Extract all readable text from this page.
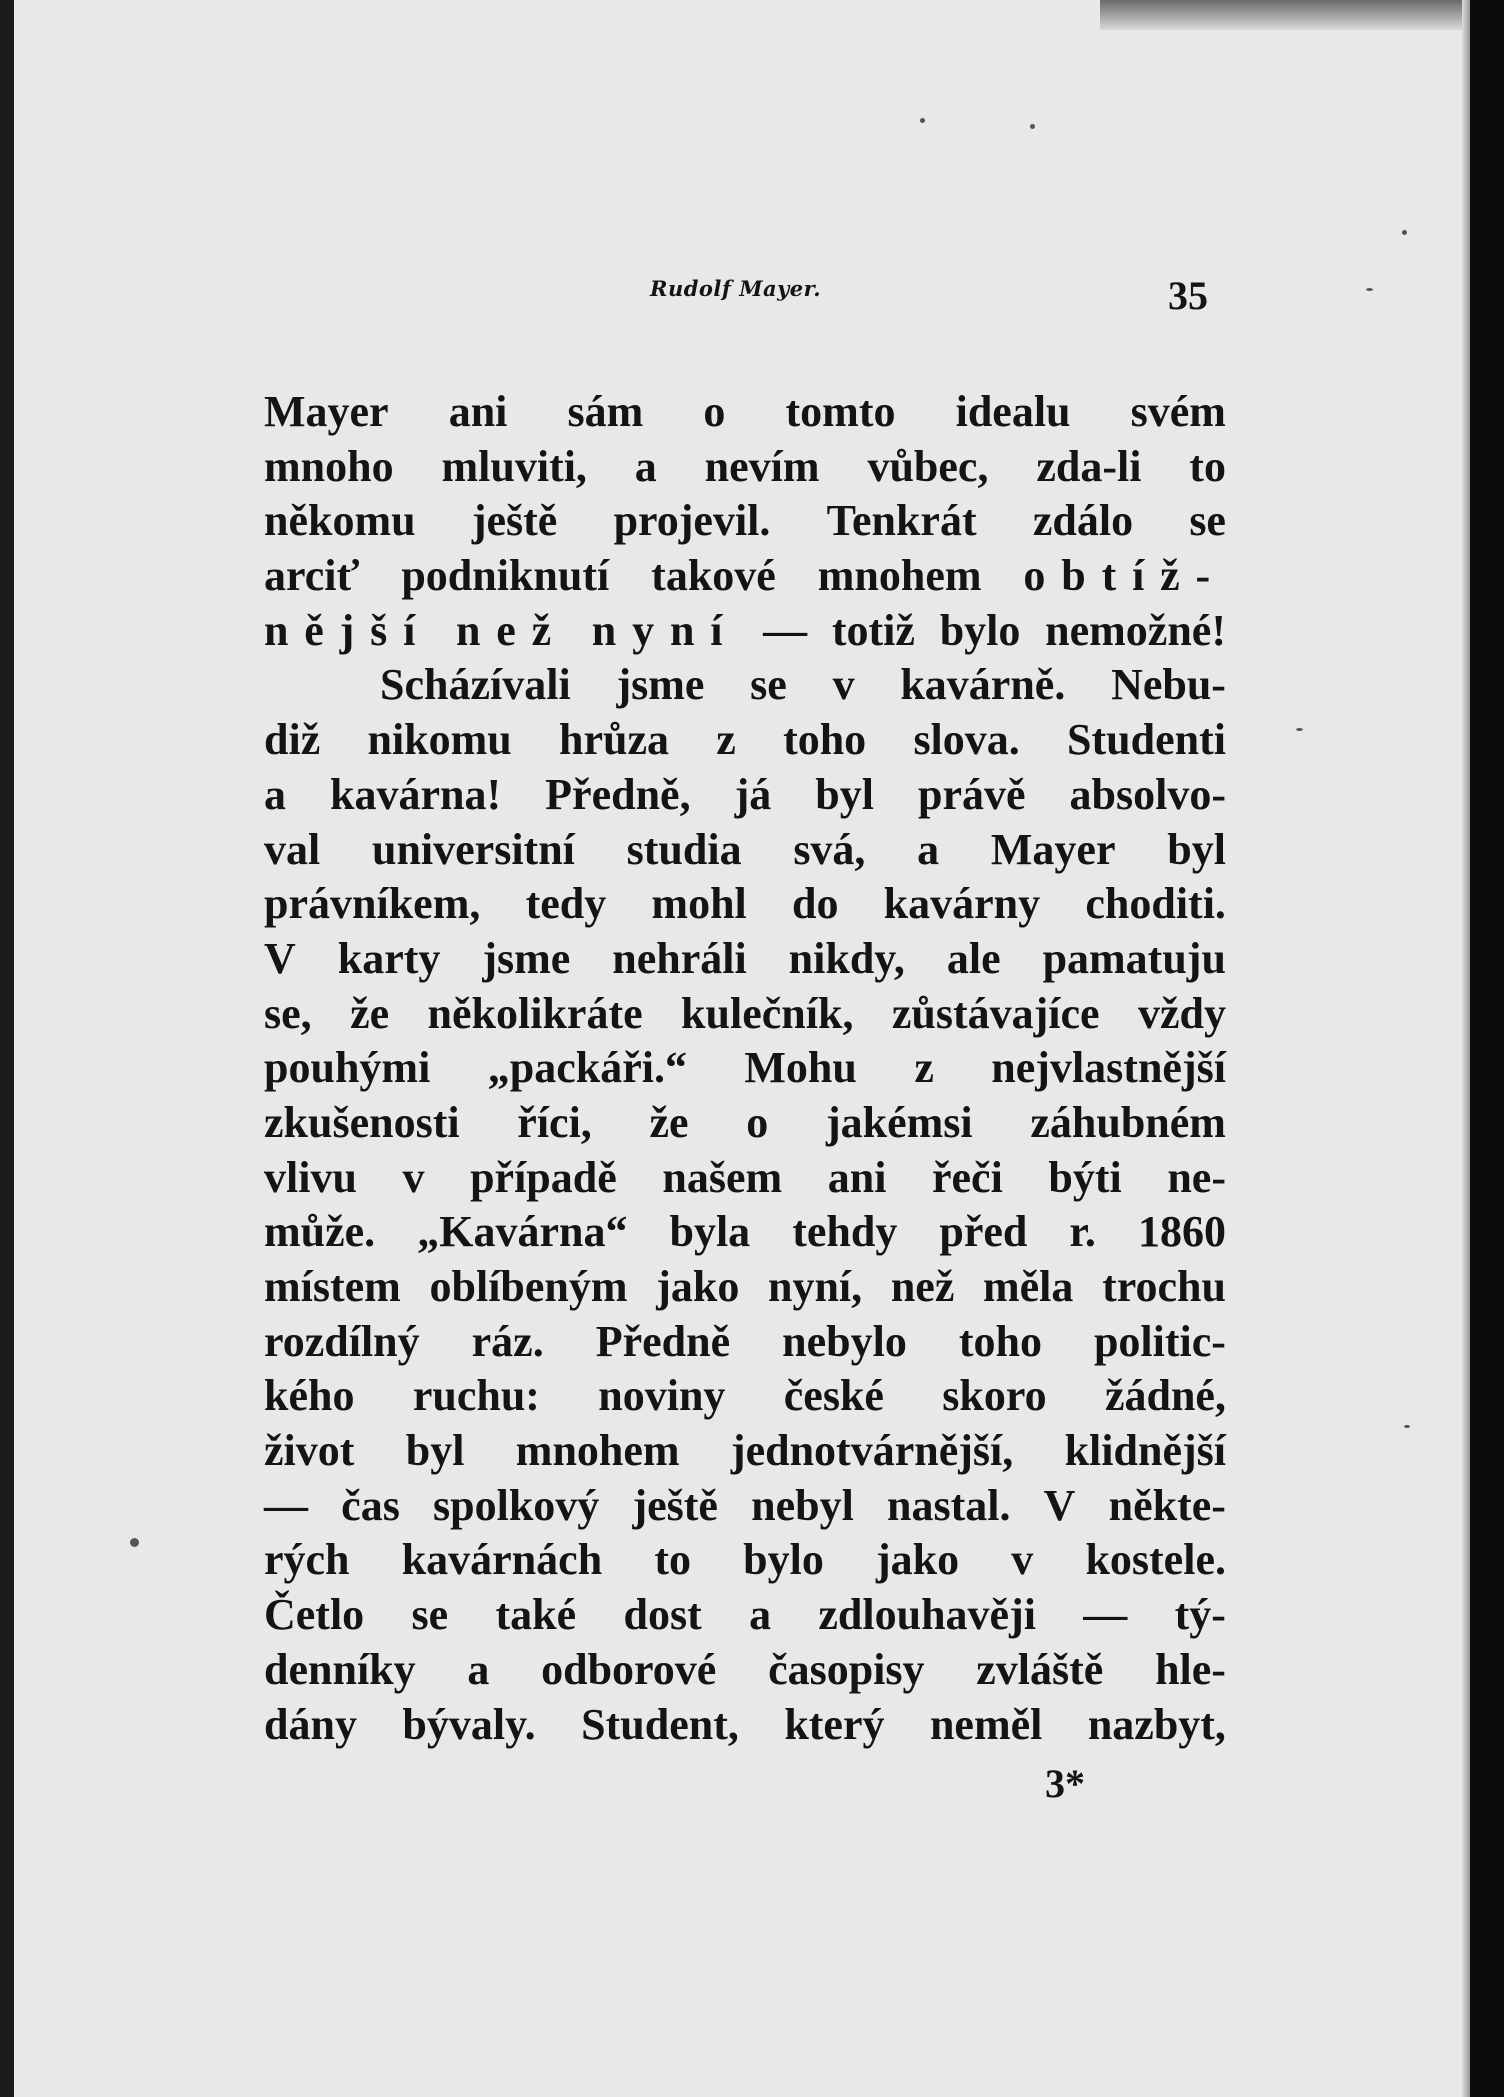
Rudolf Mayer.	35
Mayer ani sám o tomto idealu svém
mnoho mluviti, a nevím vůbec, zda-li to
někomu ještě projevil. Tenkrát zdálo se
arciť podniknutí takové mnohem obtíž-
nější než nyní — totiž bylo nemožné!
Scházívali jsme se v kavárně. Nebu-
diž nikomu hrůza z toho slova. Studenti
a kavárna! Předně, já byl právě absolvo-
val universitní studia svá, a Mayer byl
právníkem, tedy mohl do kavárny choditi.
V karty jsme nehráli nikdy, ale pamatuju
se, že několikráte kulečník, zůstávajíce vždy
pouhými „packáři.“ Mohu z nejvlastnější
zkušenosti říci, že o jakémsi záhubném
vlivu v případě našem ani řeči býti ne-
může. „Kavárna“ byla tehdy před r. 1860
místem oblíbeným jako nyní, než měla trochu
rozdílný ráz. Předně nebylo toho politic-
kého ruchu: noviny české skoro žádné,
život byl mnohem jednotvárnější, klidnější
— čas spolkový ještě nebyl nastal. V někte-
rých kavárnách to bylo jako v kostele.
Četlo se také dost a zdlouhavěji — tý-
denníky a odborové časopisy zvláště hle-
dány bývaly. Student, který neměl nazbyt,
3*
